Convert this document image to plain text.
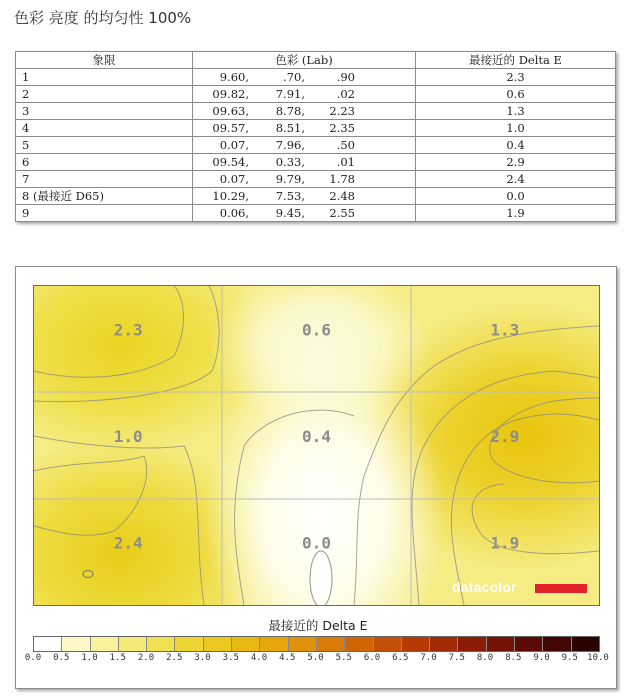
色彩 亮度 的均匀性 100%
象限	色彩 (Lab)	最接近的 Delta E
1	9.60, .70, .90	2.3
2	09.82, 7.91, .02	0.6
3	09.63, 8.78, 2.23	1.3
4	09.57, 8.51, 2.35	1.0
5	0.07, 7.96, .50	0.4
6	09.54, 0.33, .01	2.9
7	0.07, 9.79, 1.78	2.4
8 (最接近 D65)	10.29, 7.53, 2.48	0.0
9	0.06, 9.45, 2.55	1.9
2.3	0.6	1.3
1.0	0.4	2.9
2.4	0.0	1.9
datacolor
最接近的 Delta E
0.0 0.5 1.0 1.5 2.0 2.5 3.0 3.5 4.0 4.5 5.0 5.5 6.0 6.5 7.0 7.5 8.0 8.5 9.0 9.5 10.0
